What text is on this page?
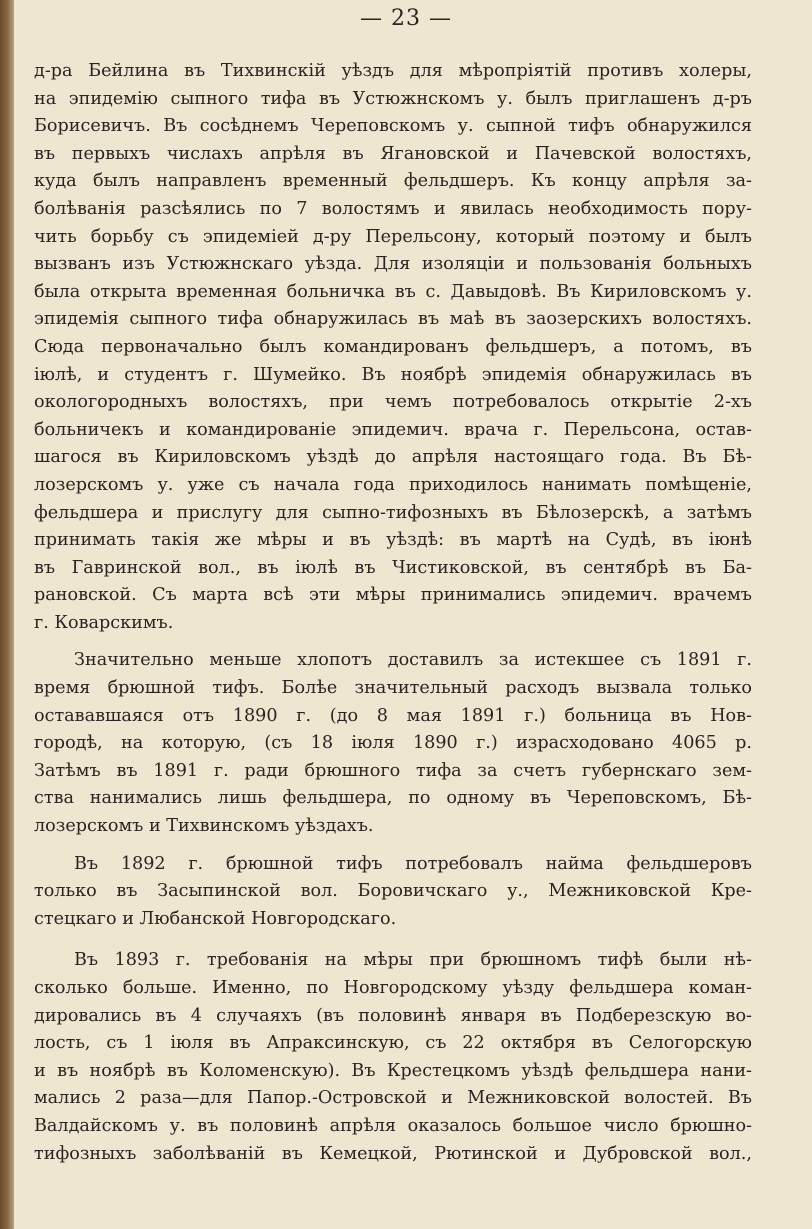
— 23 —
д-ра Бейлина въ Тихвинскій уѣздъ для мѣропріятій противъ холеры,
на эпидемію сыпного тифа въ Устюжнскомъ у. былъ приглашенъ д-ръ
Борисевичъ. Въ сосѣднемъ Череповскомъ у. сыпной тифъ обнаружился
въ первыхъ числахъ апрѣля въ Ягановской и Пачевской волостяхъ,
куда былъ направленъ временный фельдшеръ. Къ концу апрѣля за-
болѣванія разсѣялись по 7 волостямъ и явилась необходимость пору-
чить борьбу съ эпидеміей д-ру Перельсону, который поэтому и былъ
вызванъ изъ Устюжнскаго уѣзда. Для изоляціи и пользованія больныхъ
была открыта временная больничка въ с. Давыдовѣ. Въ Кириловскомъ у.
эпидемія сыпного тифа обнаружилась въ маѣ въ заозерскихъ волостяхъ.
Сюда первоначально былъ командированъ фельдшеръ, а потомъ, въ
іюлѣ, и студентъ г. Шумейко. Въ ноябрѣ эпидемія обнаружилась въ
окологородныхъ волостяхъ, при чемъ потребовалось открытіе 2-хъ
больничекъ и командированіе эпидемич. врача г. Перельсона, остав-
шагося въ Кириловскомъ уѣздѣ до апрѣля настоящаго года. Въ Бѣ-
лозерскомъ у. уже съ начала года приходилось нанимать помѣщеніе,
фельдшера и прислугу для сыпно-тифозныхъ въ Бѣлозерскѣ, а затѣмъ
принимать такія же мѣры и въ уѣздѣ: въ мартѣ на Судѣ, въ іюнѣ
въ Гавринской вол., въ іюлѣ въ Чистиковской, въ сентябрѣ въ Ба-
рановской. Съ марта всѣ эти мѣры принимались эпидемич. врачемъ
г. Коварскимъ.
Значительно меньше хлопотъ доставилъ за истекшее съ 1891 г.
время брюшной тифъ. Болѣе значительный расходъ вызвала только
остававшаяся отъ 1890 г. (до 8 мая 1891 г.) больница въ Нов-
городѣ, на которую, (съ 18 іюля 1890 г.) израсходовано 4065 р.
Затѣмъ въ 1891 г. ради брюшного тифа за счетъ губернскаго зем-
ства нанимались лишь фельдшера, по одному въ Череповскомъ, Бѣ-
лозерскомъ и Тихвинскомъ уѣздахъ.
Въ 1892 г. брюшной тифъ потребовалъ найма фельдшеровъ
только въ Засыпинской вол. Боровичскаго у., Межниковской Кре-
стецкаго и Любанской Новгородскаго.
Въ 1893 г. требованія на мѣры при брюшномъ тифѣ были нѣ-
сколько больше. Именно, по Новгородскому уѣзду фельдшера коман-
дировались въ 4 случаяхъ (въ половинѣ января въ Подберезскую во-
лость, съ 1 іюля въ Апраксинскую, съ 22 октября въ Селогорскую
и въ ноябрѣ въ Коломенскую). Въ Крестецкомъ уѣздѣ фельдшера нани-
мались 2 раза—для Папор.-Островской и Межниковской волостей. Въ
Валдайскомъ у. въ половинѣ апрѣля оказалось большое число брюшно-
тифозныхъ заболѣваній въ Кемецкой, Рютинской и Дубровской вол.,
